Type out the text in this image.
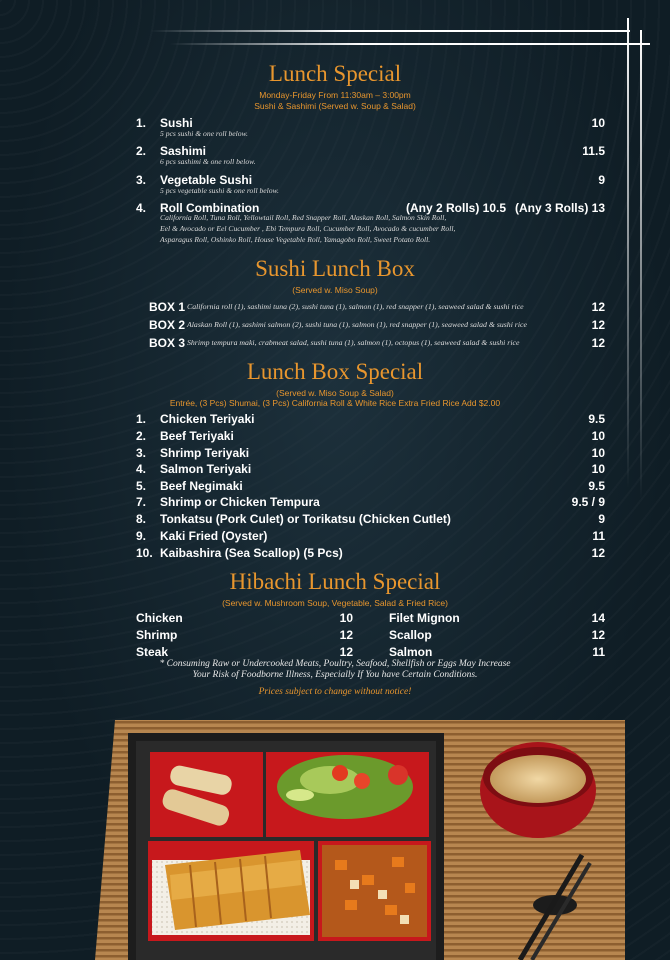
Lunch Special
Monday-Friday From 11:30am – 3:00pm
Sushi & Sashimi (Served w. Soup & Salad)
1. Sushi	10
5 pcs sushi & one roll below.
2. Sashimi	11.5
6 pcs sashimi & one roll below.
3. Vegetable Sushi	9
5 pcs vegetable sushi & one roll below.
4. Roll Combination	(Any 2 Rolls) 10.5 (Any 3 Rolls) 13
California Roll, Tuna Roll, Yellowtail Roll, Red Snapper Roll, Alaskan Roll, Salmon Skin Roll,
Eel & Avocado or Eel Cucumber , Ebi Tempura Roll, Cucumber Roll, Avocado & cucumber Roll,
Asparagus Roll, Oshinko Roll, House Vegetable Roll, Yamagobo Roll, Sweet Potato Roll.
Sushi Lunch Box
(Served w. Miso Soup)
BOX 1 California roll (1), sashimi tuna (2), sushi tuna (1), salmon (1), red snapper (1), seaweed salad & sushi rice	12
BOX 2 Alaskan Roll (1), sashimi salmon (2), sushi tuna (1), salmon (1), red snapper (1), seaweed salad & sushi rice	12
BOX 3 Shrimp tempura maki, crabmeat salad, sushi tuna (1), salmon (1), octopus (1), seaweed salad & sushi rice	12
Lunch Box Special
(Served w. Miso Soup & Salad)
Entrée, (3 Pcs) Shumai, (3 Pcs) California Roll & White Rice Extra Fried Rice Add $2.00
1. Chicken Teriyaki	9.5
2. Beef Teriyaki	10
3. Shrimp Teriyaki	10
4. Salmon Teriyaki	10
5. Beef Negimaki	9.5
7. Shrimp or Chicken Tempura	9.5 / 9
8. Tonkatsu (Pork Culet) or Torikatsu (Chicken Cutlet)	9
9. Kaki Fried (Oyster)	11
10. Kaibashira (Sea Scallop) (5 Pcs)	12
Hibachi Lunch Special
(Served w. Mushroom Soup, Vegetable, Salad & Fried Rice)
Chicken	10
Shrimp	12
Steak	12
Filet Mignon	14
Scallop	12
Salmon	11
* Consuming Raw or Undercooked Meats, Poultry, Seafood, Shellfish or Eggs May Increase
Your Risk of Foodborne Illness, Especially If You have Certain Conditions.
Prices subject to change without notice!
